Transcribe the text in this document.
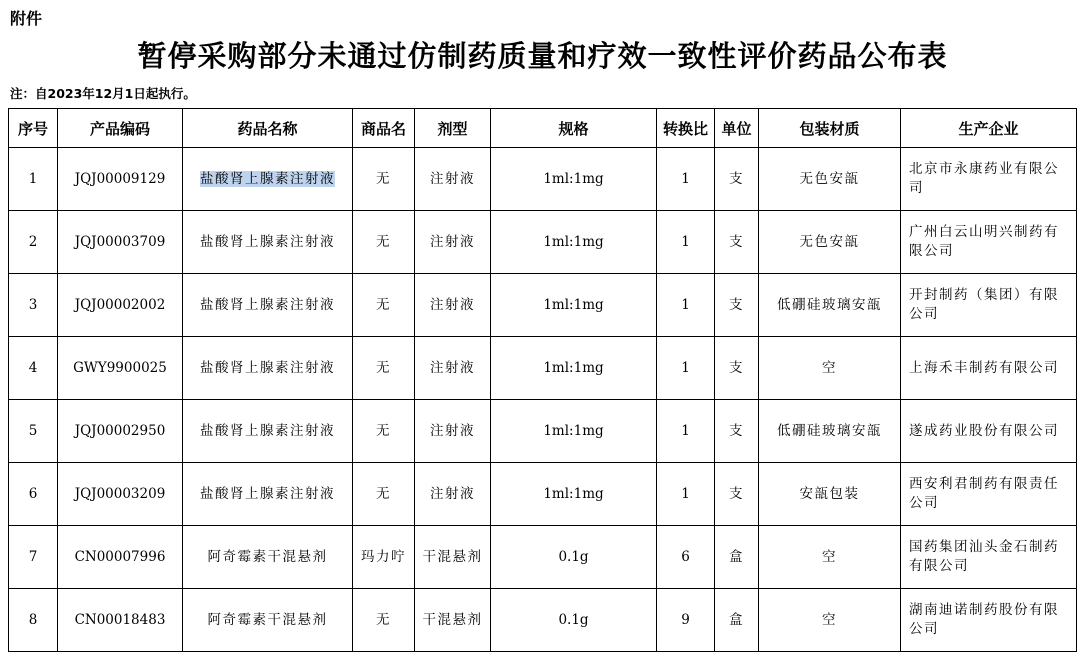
附件
暂停采购部分未通过仿制药质量和疗效一致性评价药品公布表
注：自2023年12月1日起执行。
序号	产品编码	药品名称	商品名	剂型	规格	转换比	单位	包装材质	生产企业
1	JQJ00009129	盐酸肾上腺素注射液	无	注射液	1ml:1mg	1	支	无色安瓿	北京市永康药业有限公司
2	JQJ00003709	盐酸肾上腺素注射液	无	注射液	1ml:1mg	1	支	无色安瓿	广州白云山明兴制药有限公司
3	JQJ00002002	盐酸肾上腺素注射液	无	注射液	1ml:1mg	1	支	低硼硅玻璃安瓿	开封制药（集团）有限公司
4	GWY9900025	盐酸肾上腺素注射液	无	注射液	1ml:1mg	1	支	空	上海禾丰制药有限公司
5	JQJ00002950	盐酸肾上腺素注射液	无	注射液	1ml:1mg	1	支	低硼硅玻璃安瓿	遂成药业股份有限公司
6	JQJ00003209	盐酸肾上腺素注射液	无	注射液	1ml:1mg	1	支	安瓿包装	西安利君制药有限责任公司
7	CN00007996	阿奇霉素干混悬剂	玛力咛	干混悬剂	0.1g	6	盒	空	国药集团汕头金石制药有限公司
8	CN00018483	阿奇霉素干混悬剂	无	干混悬剂	0.1g	9	盒	空	湖南迪诺制药股份有限公司
